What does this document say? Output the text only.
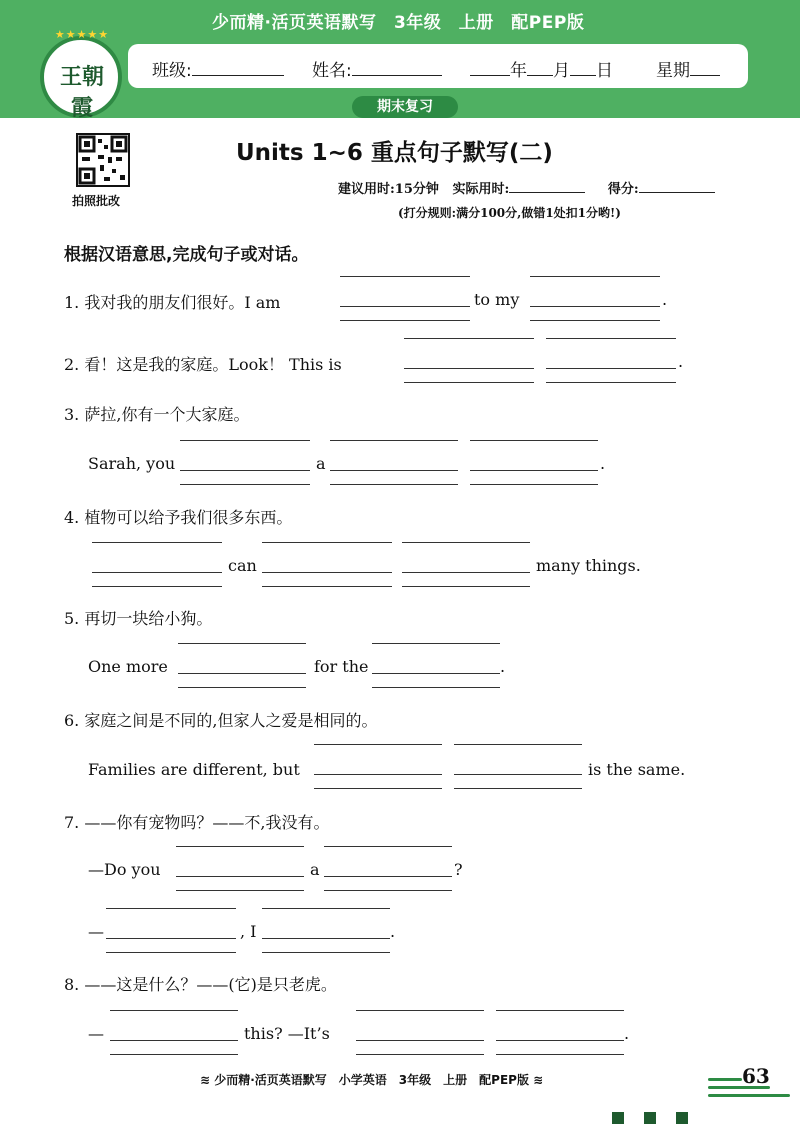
少而精·活页英语默写　3年级　上册　配PEP版
★★★★★
王朝霞
班级:	姓名:	年 月 日	星期
期末复习
拍照批改
Units 1~6 重点句子默写(二)
建议用时:15分钟 实际用时:	得分:
(打分规则:满分100分,做错1处扣1分哟!)
根据汉语意思,完成句子或对话。
1. 我对我的朋友们很好。I am	to my	.
2. 看！这是我的家庭。Look！ This is	.
3. 萨拉,你有一个大家庭。
Sarah, you	a	.
4. 植物可以给予我们很多东西。
can	many things.
5. 再切一块给小狗。
One more	for the	.
6. 家庭之间是不同的,但家人之爱是相同的。
Families are different, but	is the same.
7. ——你有宠物吗？——不,我没有。
—Do you	a	?
—	, I	.
8. ——这是什么？——(它)是只老虎。
—	this? —It’s	.
≋ 少而精·活页英语默写　小学英语　3年级　上册　配PEP版 ≋	63
